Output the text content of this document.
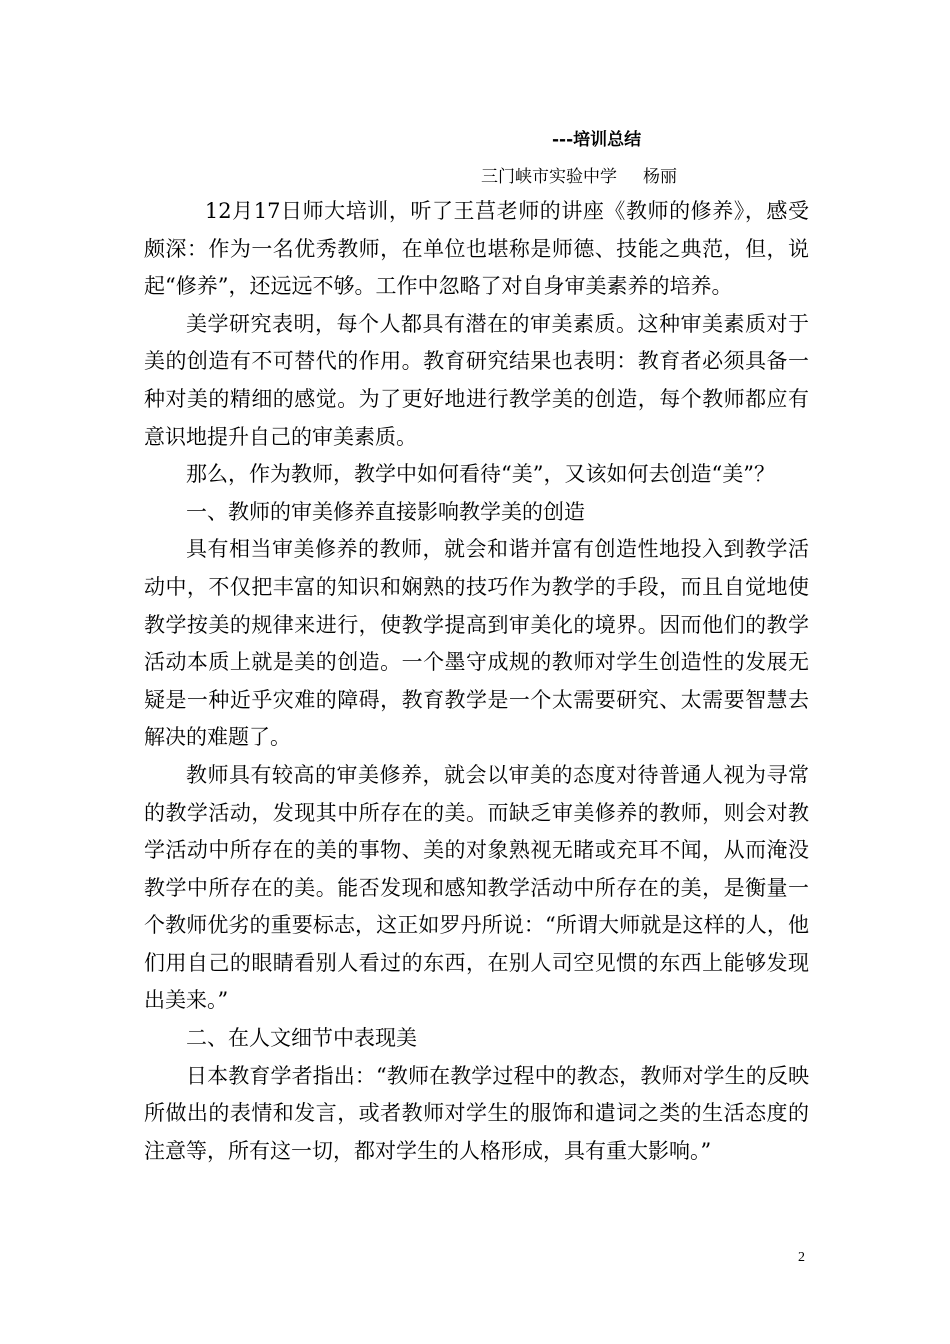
---培训总结
三门峡市实验中学 杨丽

12月17日师大培训，听了王莒老师的讲座《教师的修养》，感受颇深：作为一名优秀教师，在单位也堪称是师德、技能之典范，但，说起“修养”，还远远不够。工作中忽略了对自身审美素养的培养。

美学研究表明，每个人都具有潜在的审美素质。这种审美素质对于美的创造有不可替代的作用。教育研究结果也表明：教育者必须具备一种对美的精细的感觉。为了更好地进行教学美的创造，每个教师都应有意识地提升自己的审美素质。

那么，作为教师，教学中如何看待“美”，又该如何去创造“美”？

一、教师的审美修养直接影响教学美的创造

具有相当审美修养的教师，就会和谐并富有创造性地投入到教学活动中，不仅把丰富的知识和娴熟的技巧作为教学的手段，而且自觉地使教学按美的规律来进行，使教学提高到审美化的境界。因而他们的教学活动本质上就是美的创造。一个墨守成规的教师对学生创造性的发展无疑是一种近乎灾难的障碍，教育教学是一个太需要研究、太需要智慧去解决的难题了。

教师具有较高的审美修养，就会以审美的态度对待普通人视为寻常的教学活动，发现其中所存在的美。而缺乏审美修养的教师，则会对教学活动中所存在的美的事物、美的对象熟视无睹或充耳不闻，从而淹没教学中所存在的美。能否发现和感知教学活动中所存在的美，是衡量一个教师优劣的重要标志，这正如罗丹所说：“所谓大师就是这样的人，他们用自己的眼睛看别人看过的东西，在别人司空见惯的东西上能够发现出美来。”

二、在人文细节中表现美

日本教育学者指出：“教师在教学过程中的教态，教师对学生的反映所做出的表情和发言，或者教师对学生的服饰和遣词之类的生活态度的注意等，所有这一切，都对学生的人格形成，具有重大影响。”

2
